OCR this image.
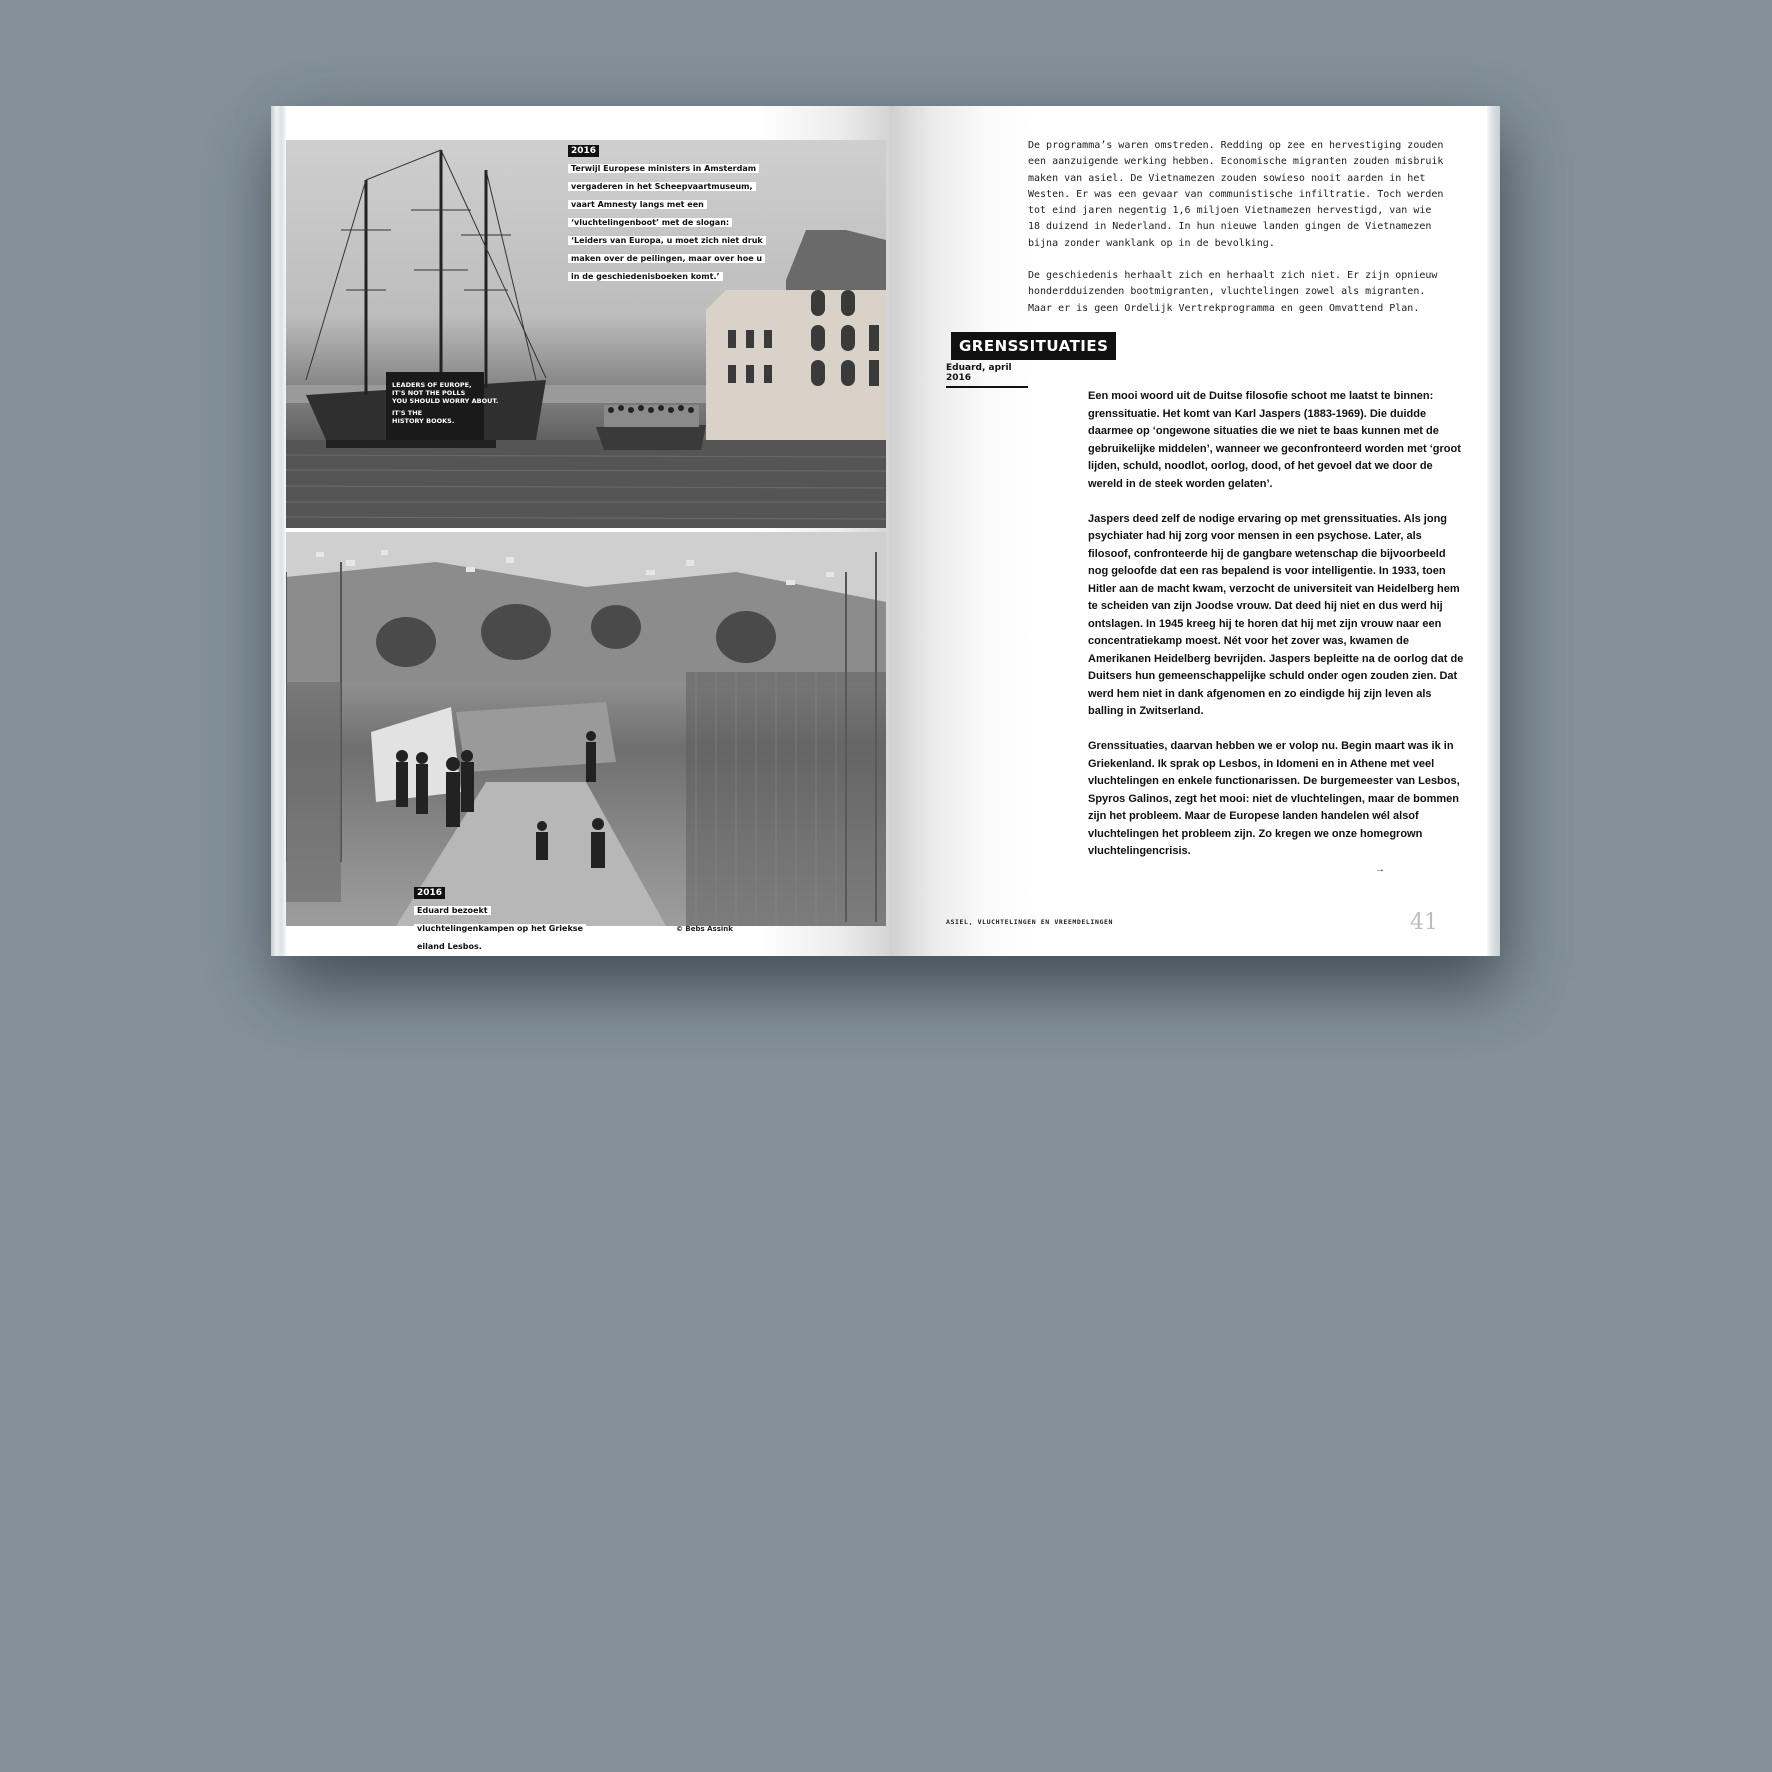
LEADERS OF EUROPE,
IT'S NOT THE POLLS
YOU SHOULD WORRY ABOUT.
IT'S THE
HISTORY BOOKS.
2016
Terwijl Europese ministers in Amsterdam vergaderen in het Scheepvaartmuseum, vaart Amnesty langs met een ‘vluchtelingenboot’ met de slogan: ‘Leiders van Europa, u moet zich niet druk maken over de peilingen, maar over hoe u in de geschiedenisboeken komt.’
2016
Eduard bezoekt vluchtelingenkampen op het Griekse eiland Lesbos.
© Bebs Assink

De programma’s waren omstreden. Redding op zee en hervestiging zouden een aanzuigende werking hebben. Economische migranten zouden misbruik maken van asiel. De Vietnamezen zouden sowieso nooit aarden in het Westen. Er was een gevaar van communistische infiltratie. Toch werden tot eind jaren negentig 1,6 miljoen Vietnamezen hervestigd, van wie 18 duizend in Nederland. In hun nieuwe landen gingen de Vietnamezen bijna zonder wanklank op in de bevolking.

De geschiedenis herhaalt zich en herhaalt zich niet. Er zijn opnieuw honderdduizenden bootmigranten, vluchtelingen zowel als migranten. Maar er is geen Ordelijk Vertrekprogramma en geen Omvattend Plan.

GRENSSITUATIES
Eduard, april 2016

Een mooi woord uit de Duitse filosofie schoot me laatst te binnen: grenssituatie. Het komt van Karl Jaspers (1883-1969). Die duidde daarmee op ‘ongewone situaties die we niet te baas kunnen met de gebruikelijke middelen’, wanneer we geconfronteerd worden met ‘groot lijden, schuld, noodlot, oorlog, dood, of het gevoel dat we door de wereld in de steek worden gelaten’.

Jaspers deed zelf de nodige ervaring op met grenssituaties. Als jong psychiater had hij zorg voor mensen in een psychose. Later, als filosoof, confronteerde hij de gangbare wetenschap die bijvoorbeeld nog geloofde dat een ras bepalend is voor intelligentie. In 1933, toen Hitler aan de macht kwam, verzocht de universiteit van Heidelberg hem te scheiden van zijn Joodse vrouw. Dat deed hij niet en dus werd hij ontslagen. In 1945 kreeg hij te horen dat hij met zijn vrouw naar een concentratiekamp moest. Nét voor het zover was, kwamen de Amerikanen Heidelberg bevrijden. Jaspers bepleitte na de oorlog dat de Duitsers hun gemeenschappelijke schuld onder ogen zouden zien. Dat werd hem niet in dank afgenomen en zo eindigde hij zijn leven als balling in Zwitserland.

Grenssituaties, daarvan hebben we er volop nu. Begin maart was ik in Griekenland. Ik sprak op Lesbos, in Idomeni en in Athene met veel vluchtelingen en enkele functionarissen. De burgemeester van Lesbos, Spyros Galinos, zegt het mooi: niet de vluchtelingen, maar de bommen zijn het probleem. Maar de Europese landen handelen wél alsof vluchtelingen het probleem zijn. Zo kregen we onze homegrown vluchtelingencrisis.

→
ASIEL, VLUCHTELINGEN EN VREEMDELINGEN	41
